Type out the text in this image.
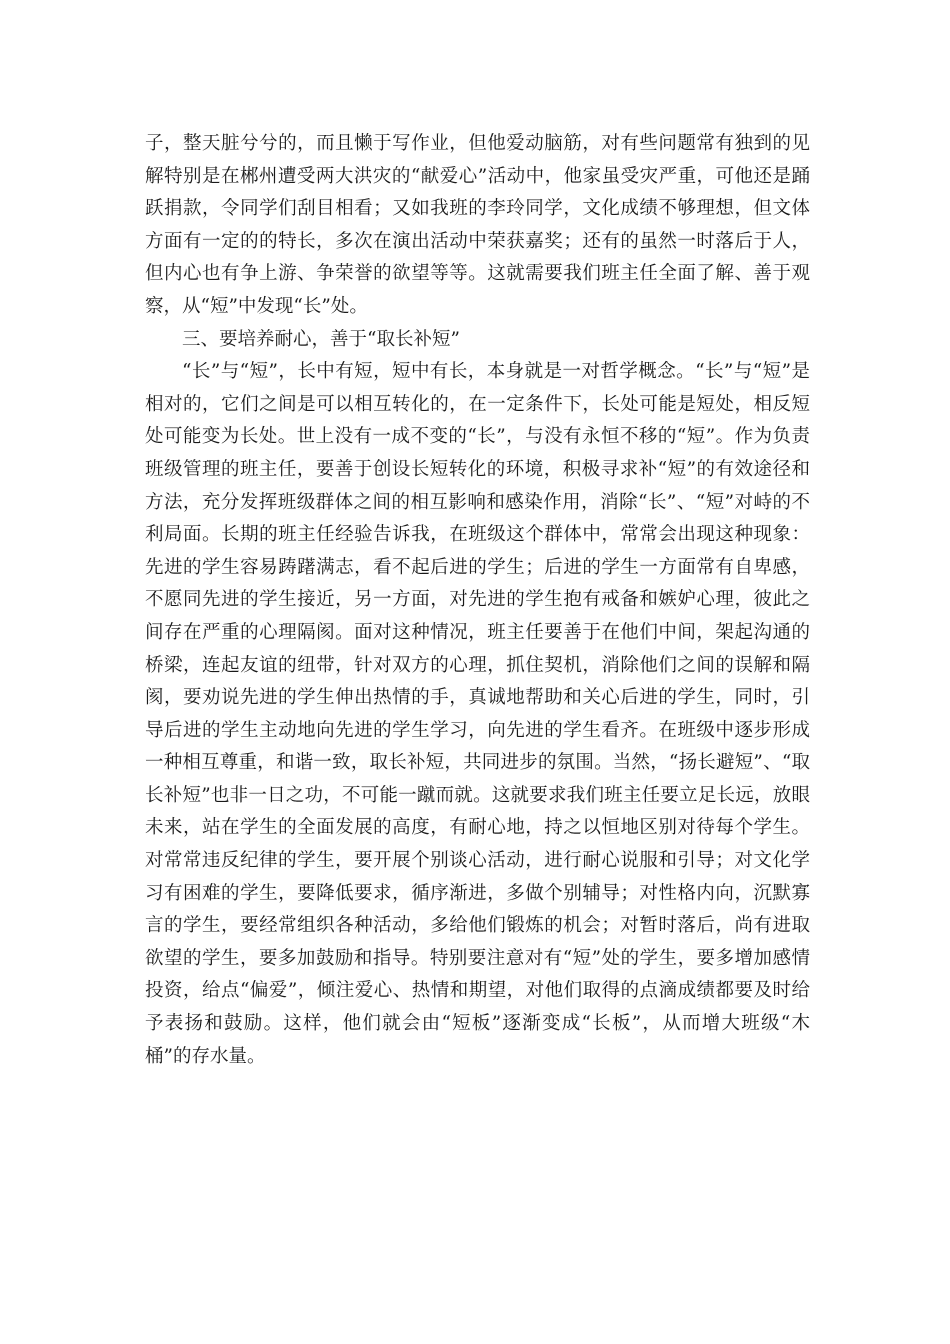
子，整天脏兮兮的，而且懒于写作业，但他爱动脑筋，对有些问题常有独到的见解特别是在郴州遭受两大洪灾的“献爱心”活动中，他家虽受灾严重，可他还是踊跃捐款，令同学们刮目相看；又如我班的李玲同学，文化成绩不够理想，但文体方面有一定的的特长，多次在演出活动中荣获嘉奖；还有的虽然一时落后于人，但内心也有争上游、争荣誉的欲望等等。这就需要我们班主任全面了解、善于观察，从“短”中发现“长”处。

三、要培养耐心，善于“取长补短”

“长”与“短”，长中有短，短中有长，本身就是一对哲学概念。“长”与“短”是相对的，它们之间是可以相互转化的，在一定条件下，长处可能是短处，相反短处可能变为长处。世上没有一成不变的“长”，与没有永恒不移的“短”。作为负责班级管理的班主任，要善于创设长短转化的环境，积极寻求补“短”的有效途径和方法，充分发挥班级群体之间的相互影响和感染作用，消除“长”、“短”对峙的不利局面。长期的班主任经验告诉我，在班级这个群体中，常常会出现这种现象：先进的学生容易踌躇满志，看不起后进的学生；后进的学生一方面常有自卑感，不愿同先进的学生接近，另一方面，对先进的学生抱有戒备和嫉妒心理，彼此之间存在严重的心理隔阂。面对这种情况，班主任要善于在他们中间，架起沟通的桥梁，连起友谊的纽带，针对双方的心理，抓住契机，消除他们之间的误解和隔阂，要劝说先进的学生伸出热情的手，真诚地帮助和关心后进的学生，同时，引导后进的学生主动地向先进的学生学习，向先进的学生看齐。在班级中逐步形成一种相互尊重，和谐一致，取长补短，共同进步的氛围。当然，“扬长避短”、“取长补短”也非一日之功，不可能一蹴而就。这就要求我们班主任要立足长远，放眼未来，站在学生的全面发展的高度，有耐心地，持之以恒地区别对待每个学生。对常常违反纪律的学生，要开展个别谈心活动，进行耐心说服和引导；对文化学习有困难的学生，要降低要求，循序渐进，多做个别辅导；对性格内向，沉默寡言的学生，要经常组织各种活动，多给他们锻炼的机会；对暂时落后，尚有进取欲望的学生，要多加鼓励和指导。特别要注意对有“短”处的学生，要多增加感情投资，给点“偏爱”，倾注爱心、热情和期望，对他们取得的点滴成绩都要及时给予表扬和鼓励。这样，他们就会由“短板”逐渐变成“长板”，从而增大班级“木桶”的存水量。
